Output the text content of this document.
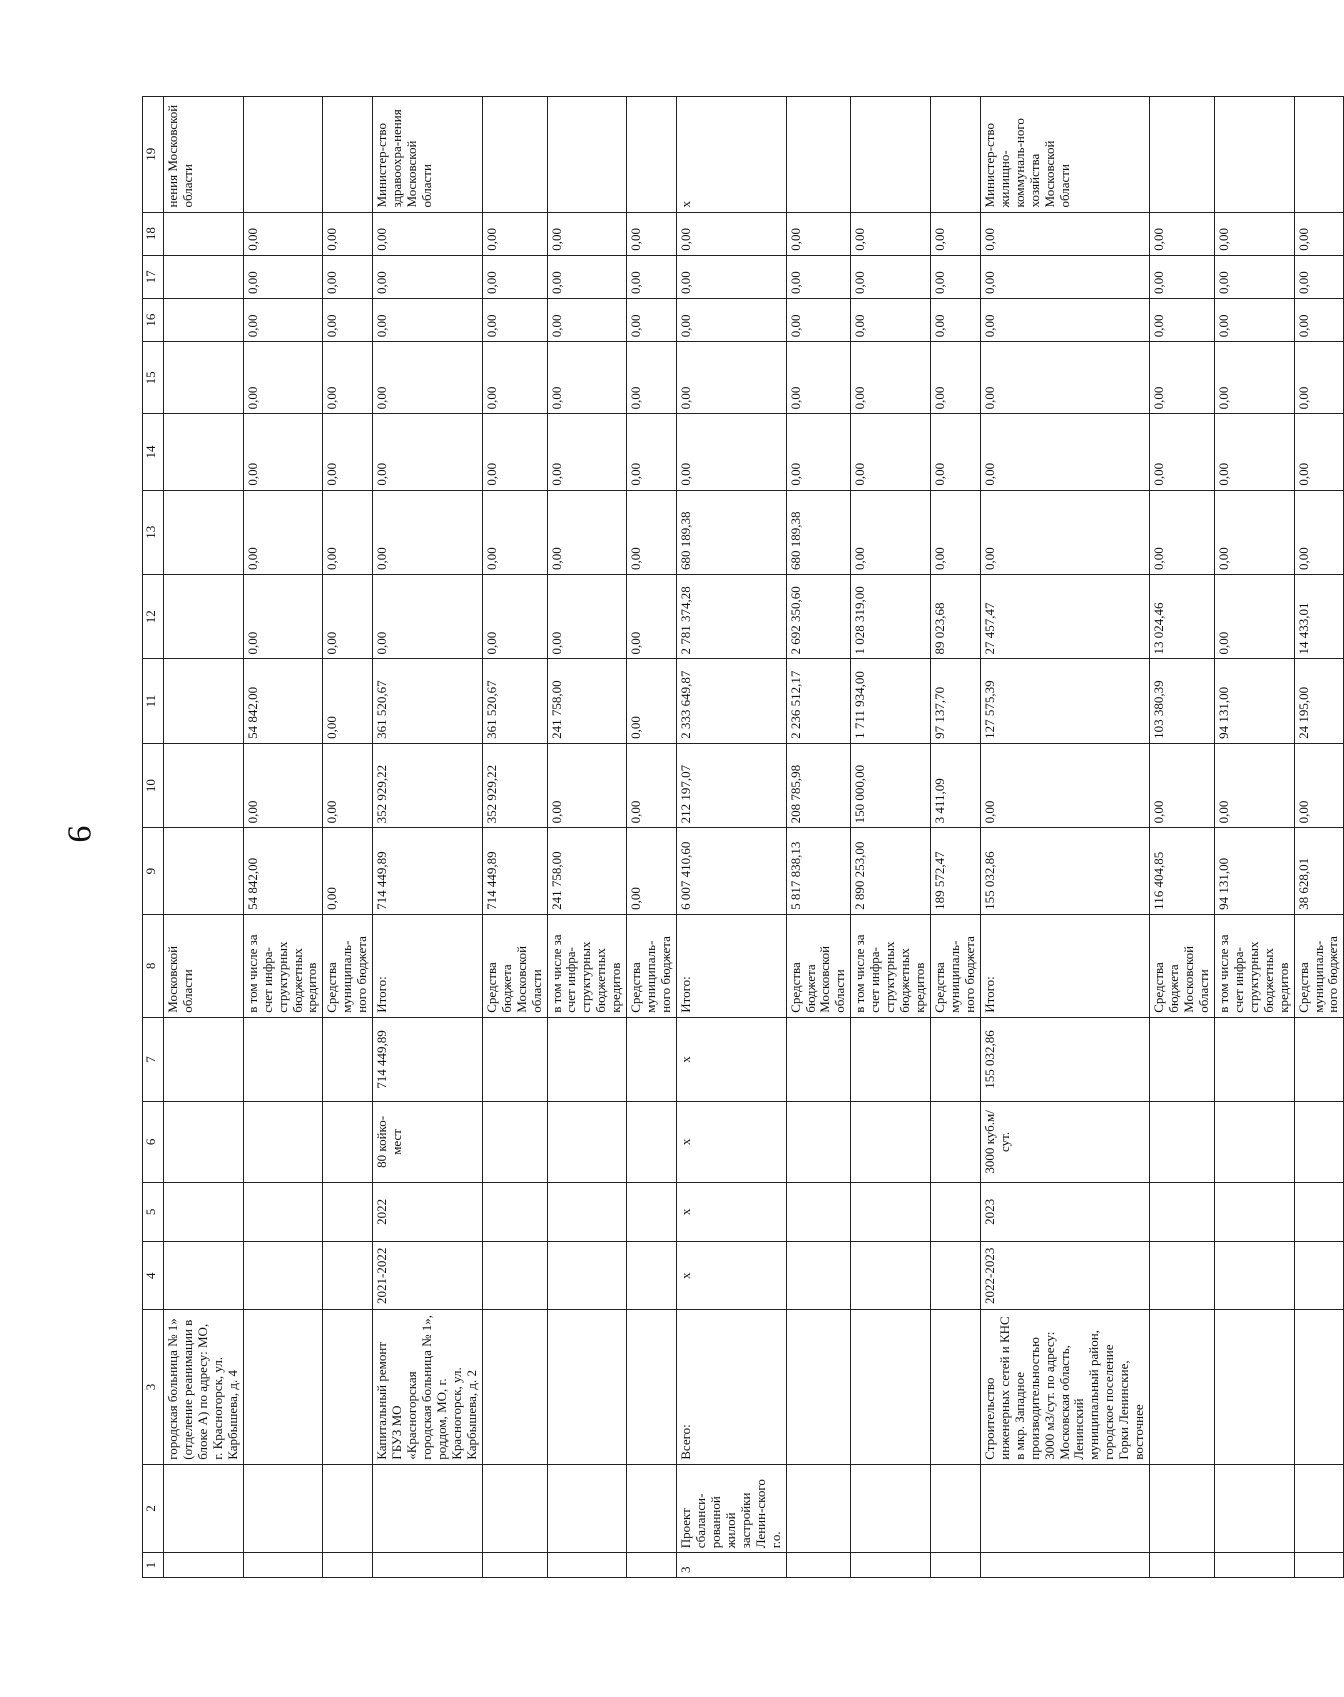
9
1	2	3	4	5	6	7	8	9	10	11	12	13	14	15	16	17	18	19
		городская больница № 1» (отделение реанимации в блоке А) по адресу: МО, г. Красногорск, ул. Карбышева, д. 4					Московской области											нения Московской области
							в том числе за счет инфра-структурных бюджетных кредитов	54 842,00	0,00	54 842,00	0,00	0,00	0,00	0,00	0,00	0,00	0,00	
							Средства муниципаль-ного бюджета	0,00	0,00	0,00	0,00	0,00	0,00	0,00	0,00	0,00	0,00	
		Капитальный ремонт ГБУЗ МО «Красногорская городская больница № 1», роддом, МО, г. Красногорск, ул. Карбышева, д. 2	2021-2022	2022	80 койко-мест	714 449,89	Итого:	714 449,89	352 929,22	361 520,67	0,00	0,00	0,00	0,00	0,00	0,00	0,00	Министер-ство здравоохра-нения Московской области
							Средства бюджета Московской области	714 449,89	352 929,22	361 520,67	0,00	0,00	0,00	0,00	0,00	0,00	0,00	
							в том числе за счет инфра-структурных бюджетных кредитов	241 758,00	0,00	241 758,00	0,00	0,00	0,00	0,00	0,00	0,00	0,00	
							Средства муниципаль-ного бюджета	0,00	0,00	0,00	0,00	0,00	0,00	0,00	0,00	0,00	0,00	
3	Проект сбаланси-рованной жилой застройки Ленин-ского г.о.	Всего:	x	x	x	x	Итого:	6 007 410,60	212 197,07	2 333 649,87	2 781 374,28	680 189,38	0,00	0,00	0,00	0,00	0,00	x
							Средства бюджета Московской области	5 817 838,13	208 785,98	2 236 512,17	2 692 350,60	680 189,38	0,00	0,00	0,00	0,00	0,00	
							в том числе за счет инфра-структурных бюджетных кредитов	2 890 253,00	150 000,00	1 711 934,00	1 028 319,00	0,00	0,00	0,00	0,00	0,00	0,00	
							Средства муниципаль-ного бюджета	189 572,47	3 411,09	97 137,70	89 023,68	0,00	0,00	0,00	0,00	0,00	0,00	
		Строительство инженерных сетей и КНС в мкр. Западное производительностью 3000 м3/сут. по адресу: Московская область, Ленинский муниципальный район, городское поселение Горки Ленинские, восточнее	2022-2023	2023	3000 куб.м/сут.	155 032,86	Итого:	155 032,86	0,00	127 575,39	27 457,47	0,00	0,00	0,00	0,00	0,00	0,00	Министер-ство жилищно-коммуналь-ного хозяйства Московской области
							Средства бюджета Московской области	116 404,85	0,00	103 380,39	13 024,46	0,00	0,00	0,00	0,00	0,00	0,00	
							в том числе за счет инфра-структурных бюджетных кредитов	94 131,00	0,00	94 131,00	0,00	0,00	0,00	0,00	0,00	0,00	0,00	
							Средства муниципаль-ного бюджета	38 628,01	0,00	24 195,00	14 433,01	0,00	0,00	0,00	0,00	0,00	0,00	
